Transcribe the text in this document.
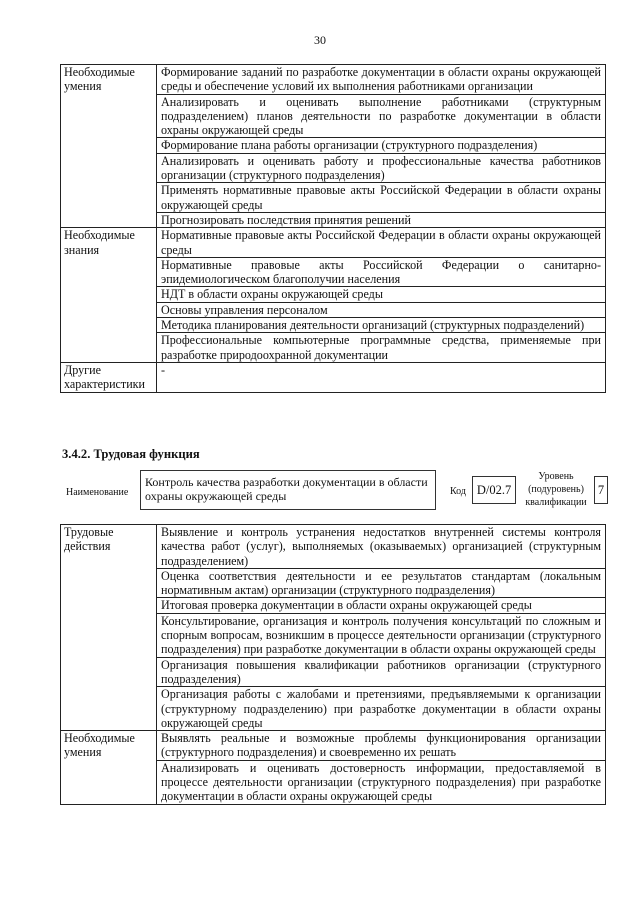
30
Необходимые умения	Формирование заданий по разработке документации в области охраны окружающей среды и обеспечение условий их выполнения работниками организации
	Анализировать и оценивать выполнение работниками (структурным подразделением) планов деятельности по разработке документации в области охраны окружающей среды
	Формирование плана работы организации (структурного подразделения)
	Анализировать и оценивать работу и профессиональные качества работников организации (структурного подразделения)
	Применять нормативные правовые акты Российской Федерации в области охраны окружающей среды
	Прогнозировать последствия принятия решений
Необходимые знания	Нормативные правовые акты Российской Федерации в области охраны окружающей среды
	Нормативные правовые акты Российской Федерации о санитарно-эпидемиологическом благополучии населения
	НДТ в области охраны окружающей среды
	Основы управления персоналом
	Методика планирования деятельности организаций (структурных подразделений)
	Профессиональные компьютерные программные средства, применяемые при разработке природоохранной документации
Другие характеристики	-
3.4.2. Трудовая функция
Наименование
Контроль качества разработки документации в области охраны окружающей среды	Код D/02.7
Уровень (подуровень) квалификации
7
Трудовые действия	Выявление и контроль устранения недостатков внутренней системы контроля качества работ (услуг), выполняемых (оказываемых) организацией (структурным подразделением)
	Оценка соответствия деятельности и ее результатов стандартам (локальным нормативным актам) организации (структурного подразделения)
	Итоговая проверка документации в области охраны окружающей среды
	Консультирование, организация и контроль получения консультаций по сложным и спорным вопросам, возникшим в процессе деятельности организации (структурного подразделения) при разработке документации в области охраны окружающей среды
	Организация повышения квалификации работников организации (структурного подразделения)
	Организация работы с жалобами и претензиями, предъявляемыми к организации (структурному подразделению) при разработке документации в области охраны окружающей среды
Необходимые умения	Выявлять реальные и возможные проблемы функционирования организации (структурного подразделения) и своевременно их решать
	Анализировать и оценивать достоверность информации, предоставляемой в процессе деятельности организации (структурного подразделения) при разработке документации в области охраны окружающей среды
